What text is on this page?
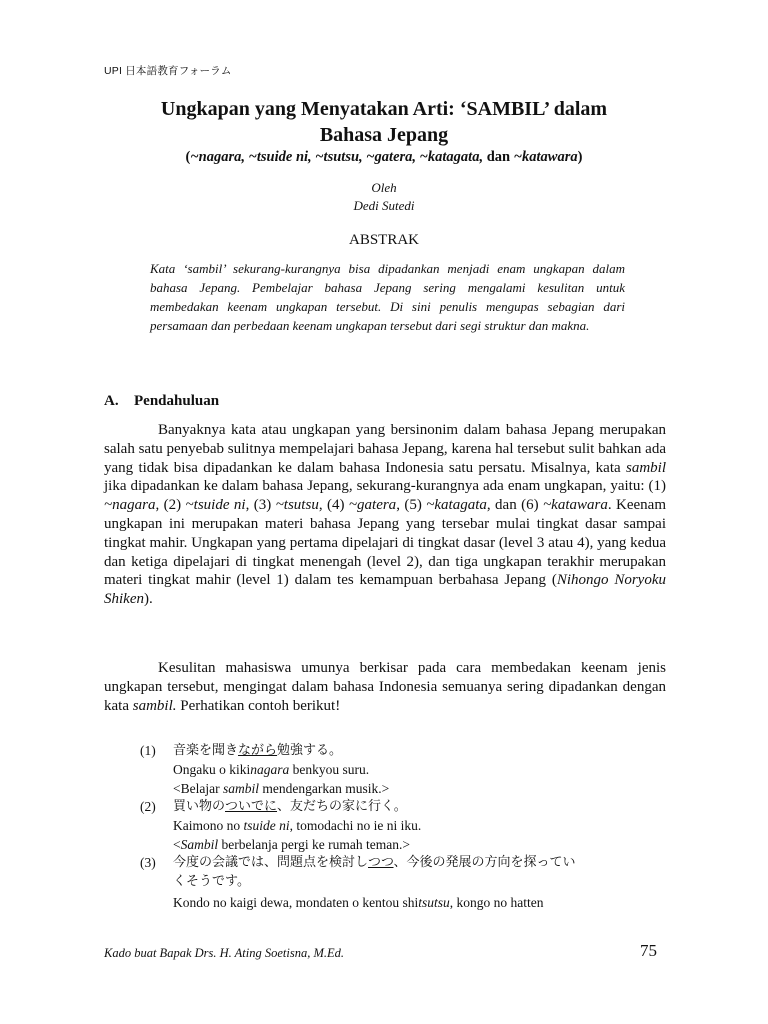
UPI 日本語教育フォーラム
Ungkapan yang Menyatakan Arti: ‘SAMBIL’ dalam
Bahasa Jepang
(~nagara, ~tsuide ni, ~tsutsu, ~gatera, ~katagata, dan ~katawara)
Oleh
Dedi Sutedi
ABSTRAK
Kata ‘sambil’ sekurang-kurangnya bisa dipadankan menjadi enam ungkapan dalam bahasa Jepang. Pembelajar bahasa Jepang sering mengalami kesulitan untuk membedakan keenam ungkapan tersebut. Di sini penulis mengupas sebagian dari persamaan dan perbedaan keenam ungkapan tersebut dari segi struktur dan makna.
A. Pendahuluan
Banyaknya kata atau ungkapan yang bersinonim dalam bahasa Jepang merupakan salah satu penyebab sulitnya mempelajari bahasa Jepang, karena hal tersebut sulit bahkan ada yang tidak bisa dipadankan ke dalam bahasa Indonesia satu persatu. Misalnya, kata sambil jika dipadankan ke dalam bahasa Jepang, sekurang-kurangnya ada enam ungkapan, yaitu: (1) ~nagara, (2) ~tsuide ni, (3) ~tsutsu, (4) ~gatera, (5) ~katagata, dan (6) ~katawara. Keenam ungkapan ini merupakan materi bahasa Jepang yang tersebar mulai tingkat dasar sampai tingkat mahir. Ungkapan yang pertama dipelajari di tingkat dasar (level 3 atau 4), yang kedua dan ketiga dipelajari di tingkat menengah (level 2), dan tiga ungkapan terakhir merupakan materi tingkat mahir (level 1) dalam tes kemampuan berbahasa Jepang (Nihongo Noryoku Shiken).
Kesulitan mahasiswa umunya berkisar pada cara membedakan keenam jenis ungkapan tersebut, mengingat dalam bahasa Indonesia semuanya sering dipadankan dengan kata sambil. Perhatikan contoh berikut!
(1)	音楽を聞きながら勉強する。
Ongaku o kikinagara benkyou suru.
<Belajar sambil mendengarkan musik.>
(2)	買い物のついでに、友だちの家に行く。
Kaimono no tsuide ni, tomodachi no ie ni iku.
<Sambil berbelanja pergi ke rumah teman.>
(3)	今度の会議では、問題点を検討しつつ、今後の発展の方向を探ってい
くそうです。
Kondo no kaigi dewa, mondaten o kentou shitsutsu, kongo no hatten
Kado buat Bapak Drs. H. Ating Soetisna, M.Ed.	75
